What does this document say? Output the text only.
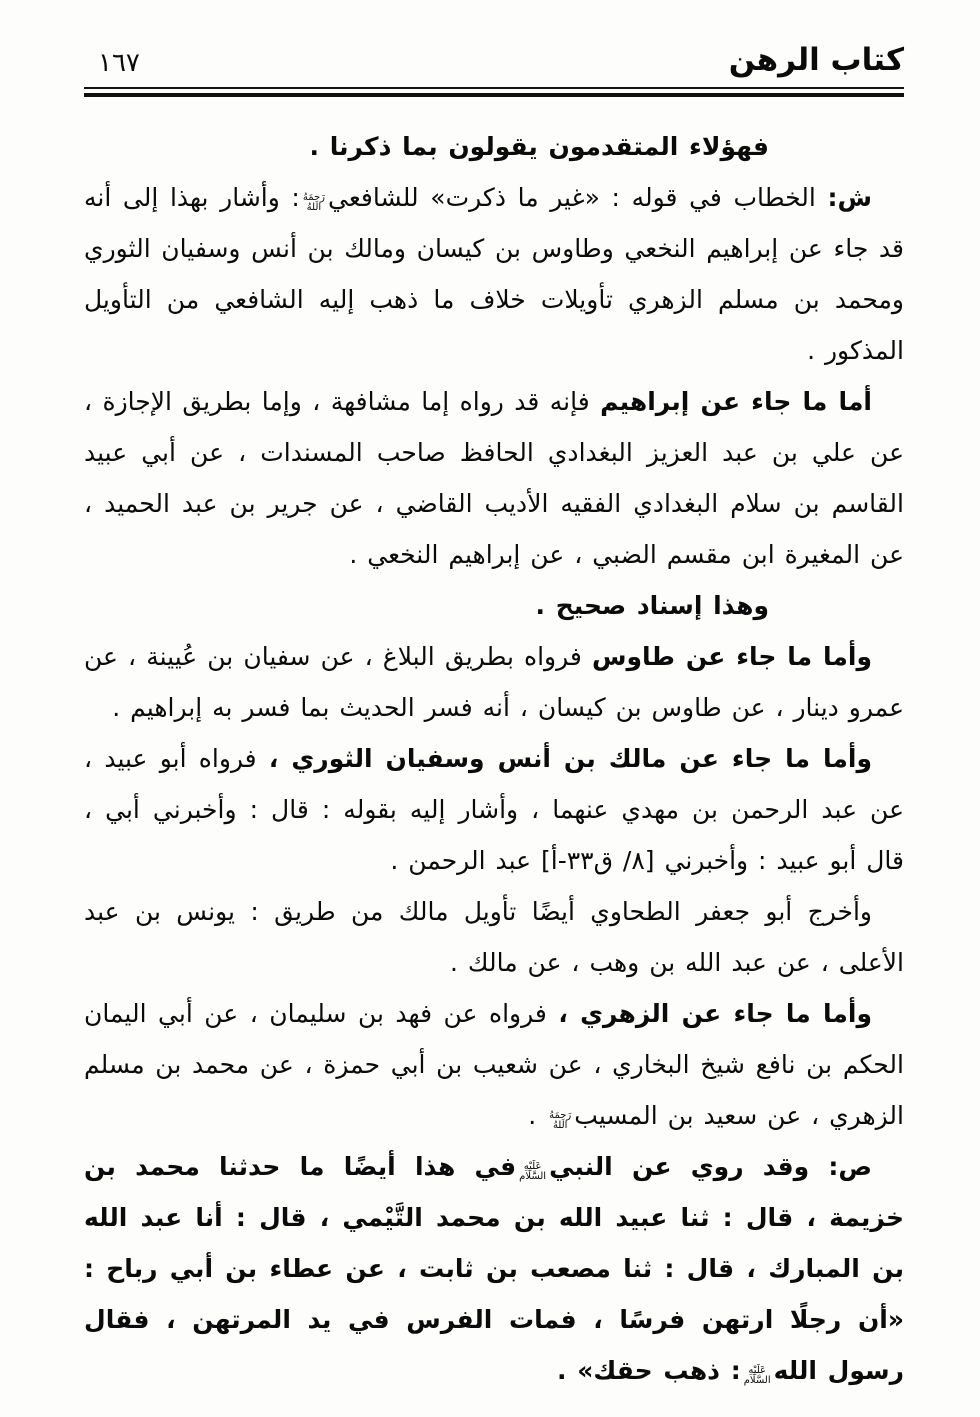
كتاب الرهن
١٦٧

فهؤلاء المتقدمون يقولون بما ذكرنا .

ش: الخطاب في قوله : «غير ما ذكرت» للشافعي
رَحِمَهُ
اللهُ
: وأشار بهذا إلى أنه قد جاء عن إبراهيم النخعي وطاوس بن كيسان ومالك بن أنس وسفيان الثوري ومحمد بن مسلم الزهري تأويلات خلاف ما ذهب إليه الشافعي من التأويل المذكور .

أما ما جاء عن إبراهيم فإنه قد رواه إما مشافهة ، وإما بطريق الإجازة ، عن علي بن عبد العزيز البغدادي الحافظ صاحب المسندات ، عن أبي عبيد القاسم بن سلام البغدادي الفقيه الأديب القاضي ، عن جرير بن عبد الحميد ، عن المغيرة ابن مقسم الضبي ، عن إبراهيم النخعي .

وهذا إسناد صحيح .

وأما ما جاء عن طاوس فرواه بطريق البلاغ ، عن سفيان بن عُيينة ، عن عمرو دينار ، عن طاوس بن كيسان ، أنه فسر الحديث بما فسر به إبراهيم .

وأما ما جاء عن مالك بن أنس وسفيان الثوري ، فرواه أبو عبيد ، عن عبد الرحمن بن مهدي عنهما ، وأشار إليه بقوله : قال : وأخبرني أبي ، قال أبو عبيد : وأخبرني [٨/ ق٣٣-أ] عبد الرحمن .

وأخرج أبو جعفر الطحاوي أيضًا تأويل مالك من طريق : يونس بن عبد الأعلى ، عن عبد الله بن وهب ، عن مالك .

وأما ما جاء عن الزهري ، فرواه عن فهد بن سليمان ، عن أبي اليمان الحكم بن نافع شيخ البخاري ، عن شعيب بن أبي حمزة ، عن محمد بن مسلم الزهري ، عن سعيد بن المسيب
رَحِمَهُ
اللهُ
.

ص: وقد روي عن النبي
عَلَيْهِ
السَّلَام
في هذا أيضًا ما حدثنا محمد بن خزيمة ، قال : ثنا عبيد الله بن محمد التَّيْمي ، قال : أنا عبد الله بن المبارك ، قال : ثنا مصعب بن ثابت ، عن عطاء بن أبي رباح : «أن رجلًا ارتهن فرسًا ، فمات الفرس في يد المرتهن ، فقال رسول الله
عَلَيْهِ
السَّلَام
: ذهب حقك» .
